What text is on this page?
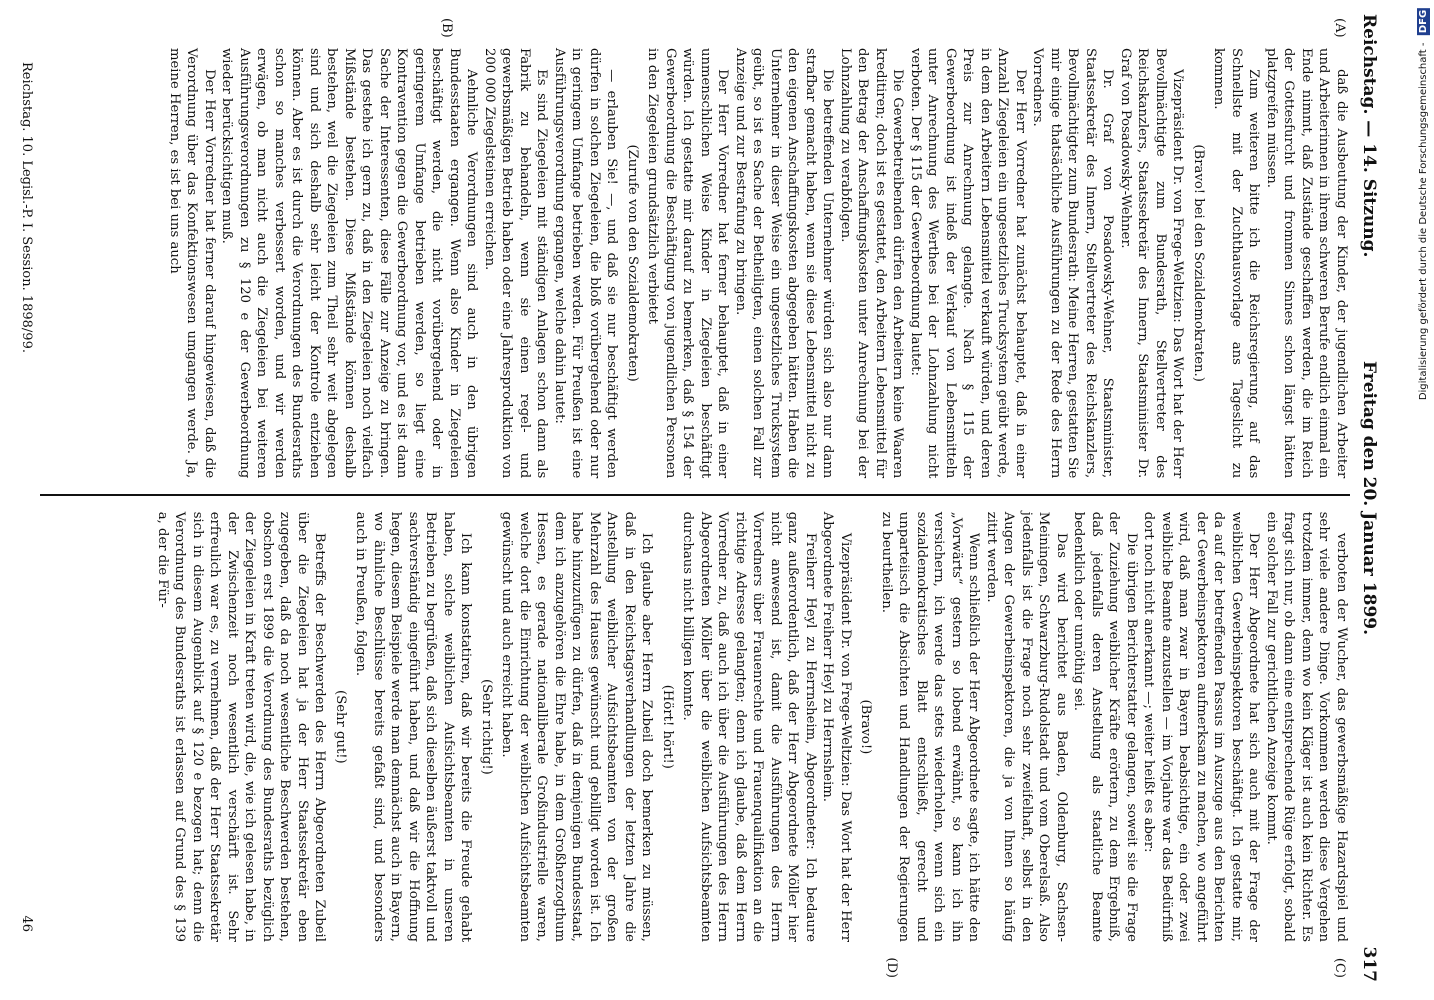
Reichstag. — 14. Sitzung.
Freitag den 20. Januar 1899.
317
(A)
(B)

daß die Ausbeutung der Kinder, der jugendlichen Arbeiter und Arbeiterinnen in ihrem schweren Berufe endlich einmal ein Ende nimmt, daß Zustände geschaffen werden, die im Reich der Gottesfurcht und frommen Sinnes schon längst hätten platzgreifen müssen.

Zum weiteren bitte ich die Reichsregierung, auf das Schnellste mit der Zuchthausvorlage ans Tageslicht zu kommen.

(Bravo! bei den Sozialdemokraten.)

Vizepräsident Dr. von Frege-Weltzien: Das Wort hat der Herr Bevollmächtigte zum Bundesrath, Stellvertreter des Reichskanzlers, Staatssekretär des Innern, Staatsminister Dr. Graf von Posadowsky-Wehner.

Dr. Graf von Posadowsky-Wehner, Staatsminister, Staatssekretär des Innern, Stellvertreter des Reichskanzlers, Bevollmächtigter zum Bundesrath: Meine Herren, gestatten Sie mir einige thatsächliche Ausführungen zu der Rede des Herrn Vorredners.

Der Herr Vorredner hat zunächst behauptet, daß in einer Anzahl Ziegeleien ein ungesetzliches Trucksystem geübt werde, in dem den Arbeitern Lebensmittel verkauft würden, und deren Preis zur Anrechnung gelangte. Nach § 115 der Gewerbeordnung ist indeß der Verkauf von Lebensmitteln unter Anrechnung des Werthes bei der Lohnzahlung nicht verboten. Der § 115 der Gewerbeordnung lautet:

Die Gewerbetreibenden dürfen den Arbeitern keine Waaren kreditiren; doch ist es gestattet, den Arbeitern Lebensmittel für den Betrag der Anschaffungskosten unter Anrechnung bei der Lohnzahlung zu verabfolgen.

Die betreffenden Unternehmer würden sich also nur dann strafbar gemacht haben, wenn sie diese Lebensmittel nicht zu den eigenen Anschaffungskosten abgegeben hätten. Haben die Unternehmer in dieser Weise ein ungesetzliches Trucksystem geübt, so ist es Sache der Betheiligten, einen solchen Fall zur Anzeige und zur Bestrafung zu bringen.

Der Herr Vorredner hat ferner behauptet, daß in einer unmenschlichen Weise Kinder in Ziegeleien beschäftigt würden. Ich gestatte mir darauf zu bemerken, daß § 154 der Gewerbeordnung die Beschäftigung von jugendlichen Personen in den Ziegeleien grundsätzlich verbietet

(Zurufe von den Sozialdemokraten)

— erlauben Sie! —, und daß sie nur beschäftigt werden dürfen in solchen Ziegeleien, die bloß vorübergehend oder nur in geringem Umfange betrieben werden. Für Preußen ist eine Ausführungsverordnung ergangen, welche dahin lautet:

Es sind Ziegeleien mit ständigen Anlagen schon dann als Fabrik zu behandeln, wenn sie einen regel- und gewerbsmäßigen Betrieb haben oder eine Jahresproduktion von 200 000 Ziegelsteinen erreichen.

Aehnliche Verordnungen sind auch in den übrigen Bundesstaaten ergangen. Wenn also Kinder in Ziegeleien beschäftigt werden, die nicht vorübergehend oder in geringerem Umfange betrieben werden, so liegt eine Kontravention gegen die Gewerbeordnung vor, und es ist dann Sache der Interessenten, diese Fälle zur Anzeige zu bringen. Das gestehe ich gern zu, daß in den Ziegeleien noch vielfach Mißstände bestehen. Diese Mißstände können deshalb bestehen, weil die Ziegeleien zum Theil sehr weit abgelegen sind und sich deshalb sehr leicht der Kontrole entziehen können. Aber es ist durch die Verordnungen des Bundesraths schon so manches verbessert worden, und wir werden erwägen, ob man nicht auch die Ziegeleien bei weiteren Ausführungsverordnungen zu § 120 e der Gewerbeordnung wieder berücksichtigen muß.

Der Herr Vorredner hat ferner darauf hingewiesen, daß die Verordnung über das Konfektionswesen umgangen werde. Ja, meine Herren, es ist bei uns auch

(C)
(D)

verboten der Wucher, das gewerbsmäßige Hazardspiel und sehr viele andere Dinge. Vorkommen werden diese Vergehen trotzdem immer, denn wo kein Kläger ist auch kein Richter. Es fragt sich nur, ob dann eine entsprechende Rüge erfolgt, sobald ein solcher Fall zur gerichtlichen Anzeige kommt.

Der Herr Abgeordnete hat sich auch mit der Frage der weiblichen Gewerbeinspektoren beschäftigt. Ich gestatte mir, da auf der betreffenden Passus im Auszuge aus den Berichten der Gewerbeinspektoren aufmerksam zu machen, wo angeführt wird, daß man zwar in Bayern beabsichtige, ein oder zwei weibliche Beamte anzustellen — im Vorjahre war das Bedürfniß dort noch nicht anerkannt —; weiter heißt es aber:

Die übrigen Berichterstatter gelangen, soweit sie die Frage der Zuziehung weiblicher Kräfte erörtern, zu dem Ergebniß, daß jedenfalls deren Anstellung als staatliche Beamte bedenklich oder unnöthig sei.

Das wird berichtet aus Baden, Oldenburg, Sachsen-Meiningen, Schwarzburg-Rudolstadt und vom Oberelsaß. Also jedenfalls ist die Frage noch sehr zweifelhaft, selbst in den Augen der Gewerbeinspektoren, die ja von Ihnen so häufig zitirt werden.

Wenn schließlich der Herr Abgeordnete sagte, ich hätte den „Vorwärts“ gestern so lobend erwähnt, so kann ich ihn versichern, ich werde das stets wiederholen, wenn sich ein sozialdemokratisches Blatt entschließt, gerecht und unparteiisch die Absichten und Handlungen der Regierungen zu beurtheilen.

(Bravo!)

Vizepräsident Dr. von Frege-Weltzien: Das Wort hat der Herr Abgeordnete Freiherr Heyl zu Herrnsheim.

Freiherr Heyl zu Herrnsheim, Abgeordneter: Ich bedaure ganz außerordentlich, daß der Herr Abgeordnete Möller hier nicht anwesend ist, damit die Ausführungen des Herrn Vorredners über Frauenrechte und Frauenqualifikation an die richtige Adresse gelangten; denn ich glaube, daß dem Herrn Vorredner zu, daß auch ich über die Ausführungen des Herrn Abgeordneten Möller über die weiblichen Aufsichtsbeamten durchaus nicht billigen konnte.

(Hört! hört!)

Ich glaube aber Herrn Zubeil doch bemerken zu müssen, daß in den Reichstagsverhandlungen der letzten Jahre die Anstellung weiblicher Aufsichtsbeamten von der großen Mehrzahl des Hauses gewünscht und gebilligt worden ist. Ich habe hinzuzufügen zu dürfen, daß in demjenigen Bundesstaat, dem ich anzugehören die Ehre habe, in dem Großherzogthum Hessen, es gerade nationalliberale Großindustrielle waren, welche dort die Einrichtung der weiblichen Aufsichtsbeamten gewünscht und auch erreicht haben.

(Sehr richtig!)

Ich kann konstatiren, daß wir bereits die Freude gehabt haben, solche weiblichen Aufsichtsbeamten in unseren Betrieben zu begrüßen, daß sich dieselben äußerst taktvoll und sachverständig eingeführt haben, und daß wir die Hoffnung hegen, diesem Beispiele werde man demnächst auch in Bayern, wo ähnliche Beschlüsse bereits gefaßt sind, und besonders auch in Preußen, folgen.

(Sehr gut!)

Betreffs der Beschwerden des Herrn Abgeordneten Zubeil über die Ziegeleien hat ja der Herr Staatssekretär eben zugegeben, daß da noch wesentliche Beschwerden bestehen, obschon erst 1899 die Verordnung des Bundesraths bezüglich der Ziegeleien in Kraft treten wird, die, wie ich gelesen habe, in der Zwischenzeit noch wesentlich verschärft ist. Sehr erfreulich war es, zu vernehmen, daß der Herr Staatssekretär sich in diesem Augenblick auf § 120 e bezogen hat; denn die Verordnung des Bundesraths ist erlassen auf Grund des § 139 a, der die Für-

Reichstag. 10. Legisl.-P. I. Session. 1898/99.
46
Digitalisierung gefördert durch die Deutsche Forschungsgemeinschaft - DFG
